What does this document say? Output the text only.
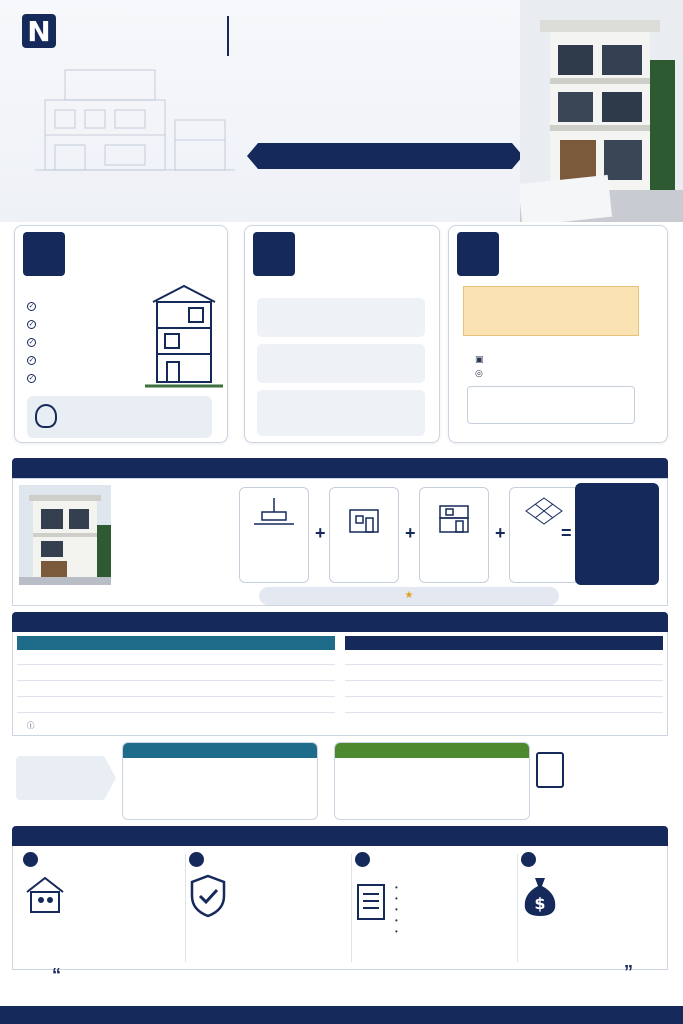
N
✓
✓
✓
✓
✓
▣
◎
+	+	+	=
★

ⓘ
•
•
•
•
•
$
“	”
